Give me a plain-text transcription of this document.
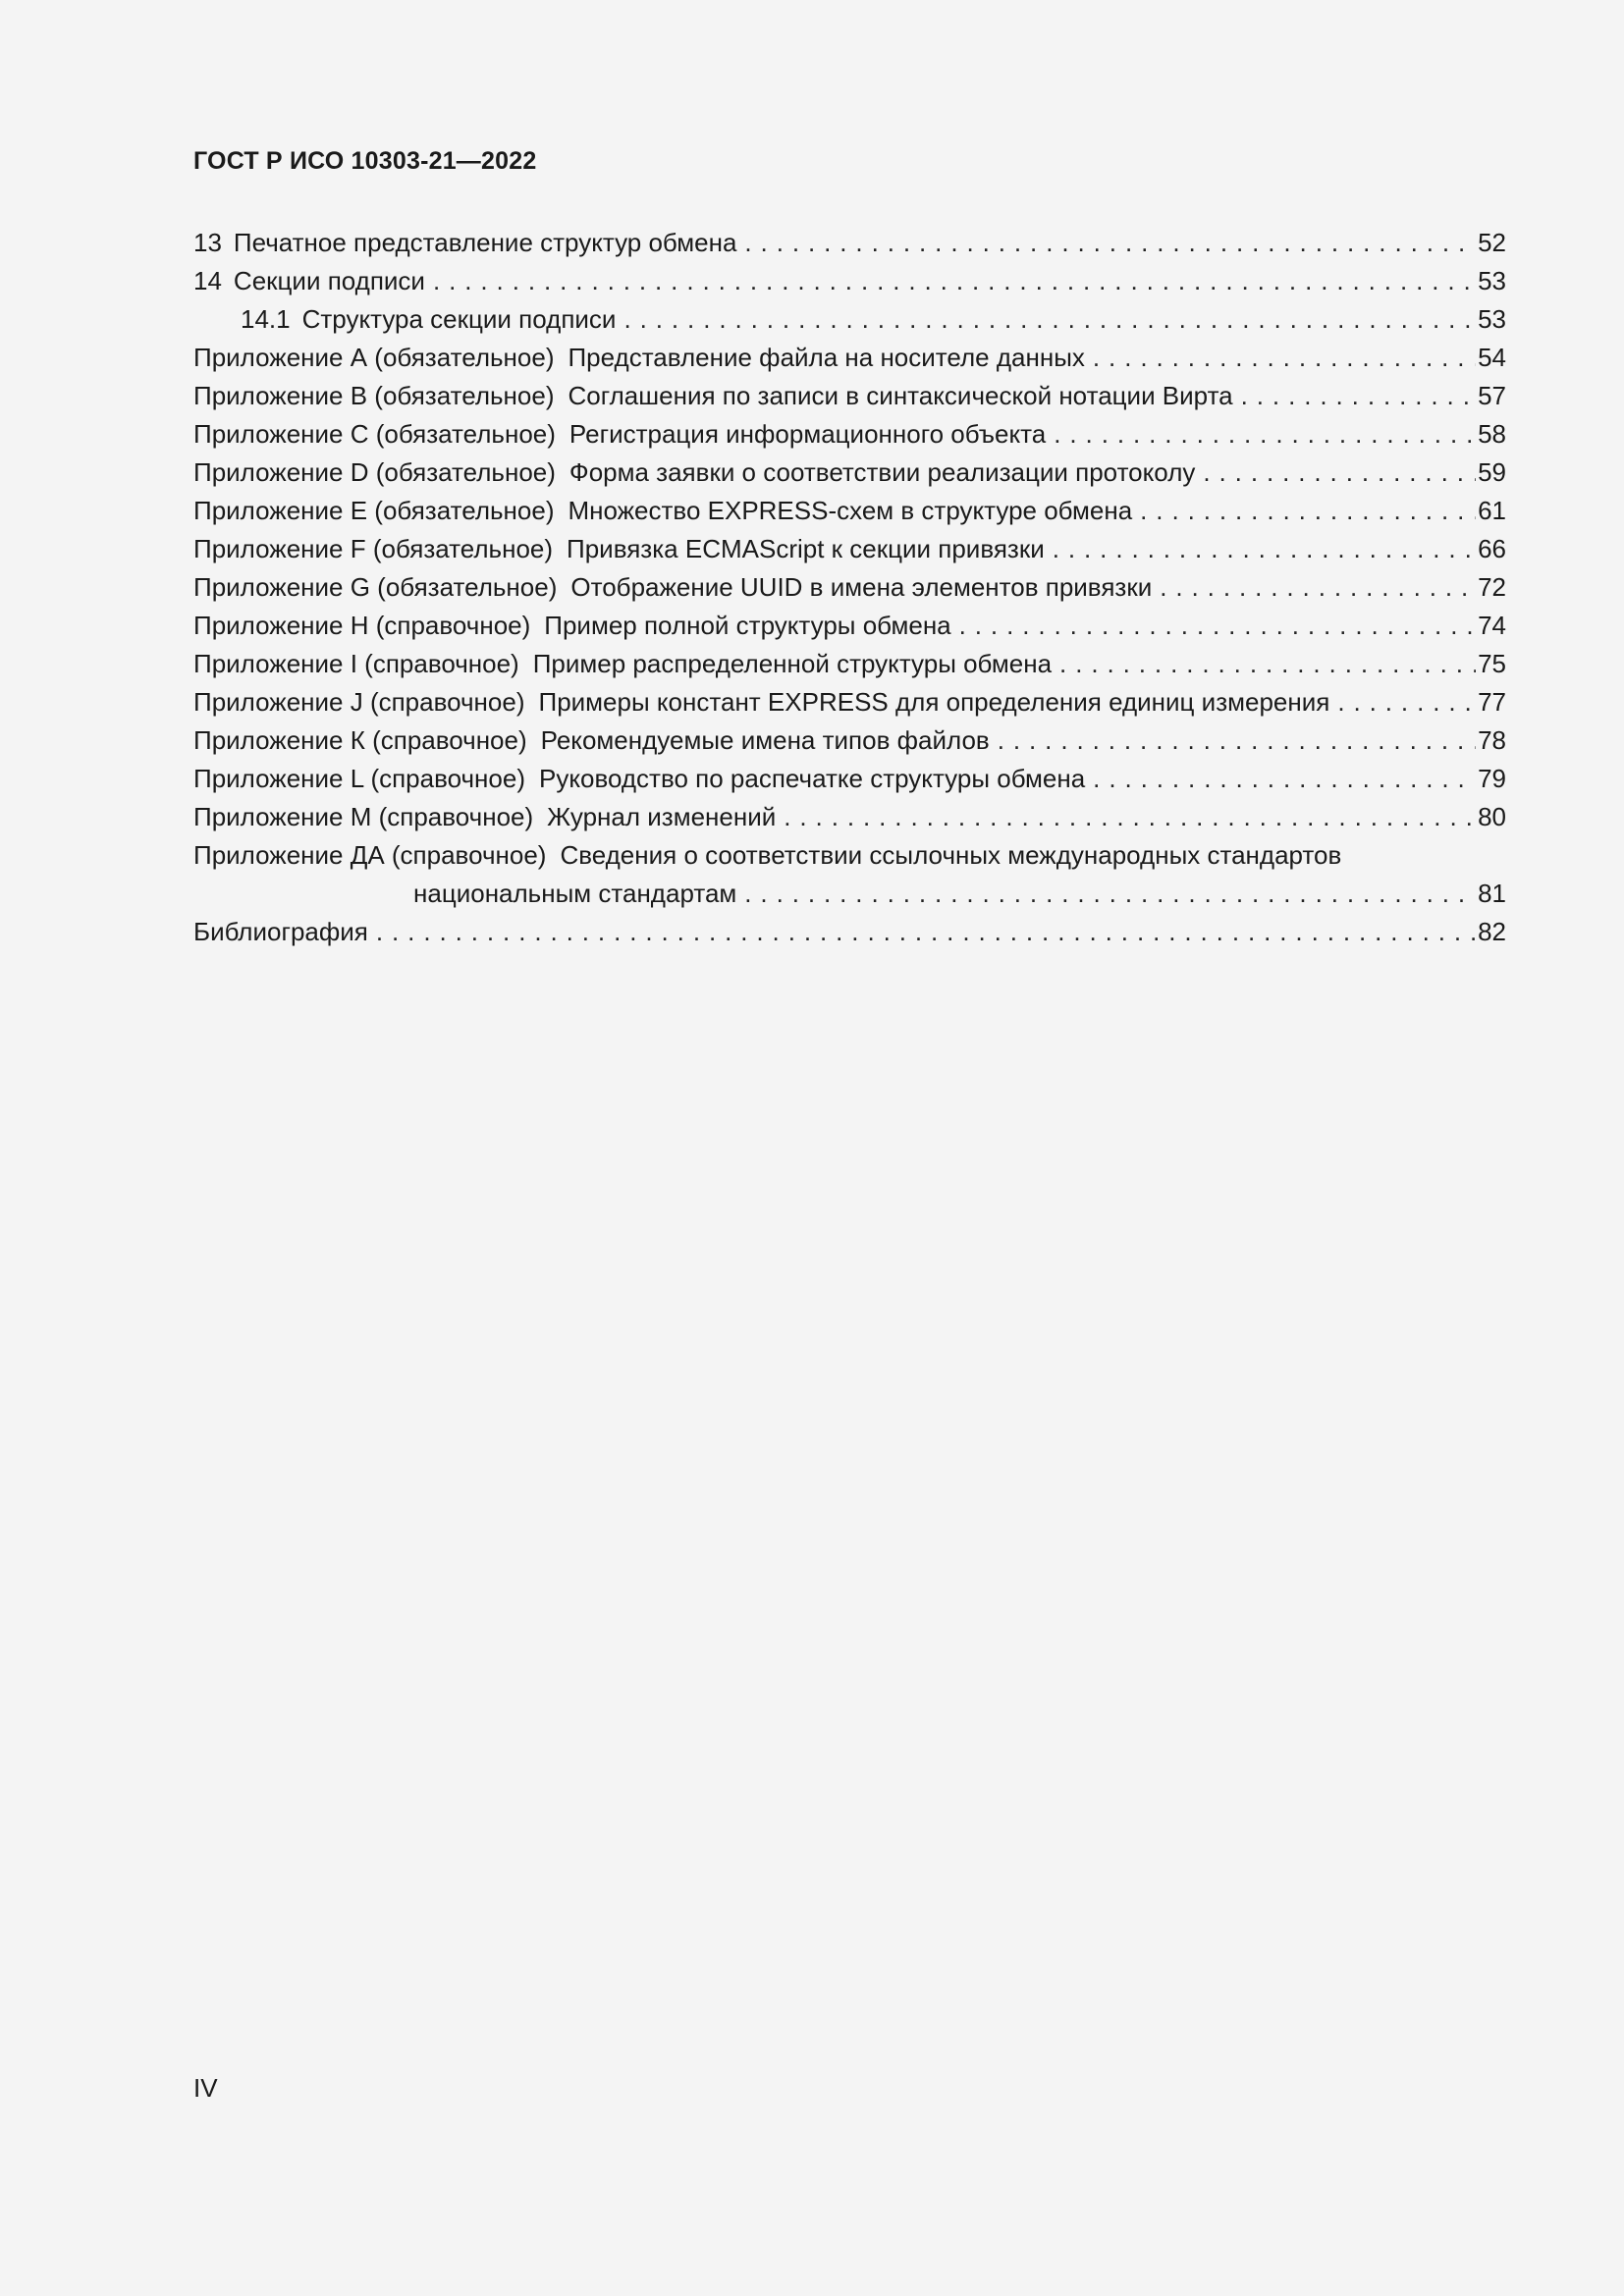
ГОСТ Р ИСО 10303-21—2022
13 Печатное представление структур обмена . . .	52
14 Секции подписи . . .	53
14.1 Структура секции подписи . . .	53
Приложение А (обязательное) Представление файла на носителе данных . . .	54
Приложение В (обязательное) Соглашения по записи в синтаксической нотации Вирта . . .	57
Приложение С (обязательное) Регистрация информационного объекта . . .	58
Приложение D (обязательное) Форма заявки о соответствии реализации протоколу . . .	59
Приложение Е (обязательное) Множество EXPRESS-схем в структуре обмена . . .	61
Приложение F (обязательное) Привязка ECMAScript к секции привязки . . .	66
Приложение G (обязательное) Отображение UUID в имена элементов привязки . . .	72
Приложение Н (справочное) Пример полной структуры обмена . . .	74
Приложение I (справочное) Пример распределенной структуры обмена . . .	75
Приложение J (справочное) Примеры констант EXPRESS для определения единиц измерения . . .	77
Приложение К (справочное) Рекомендуемые имена типов файлов . . .	78
Приложение L (справочное) Руководство по распечатке структуры обмена . . .	79
Приложение М (справочное) Журнал изменений . . .	80
Приложение ДА (справочное) Сведения о соответствии ссылочных международных стандартов
национальным стандартам . . .	81
Библиография . . .	82
IV
